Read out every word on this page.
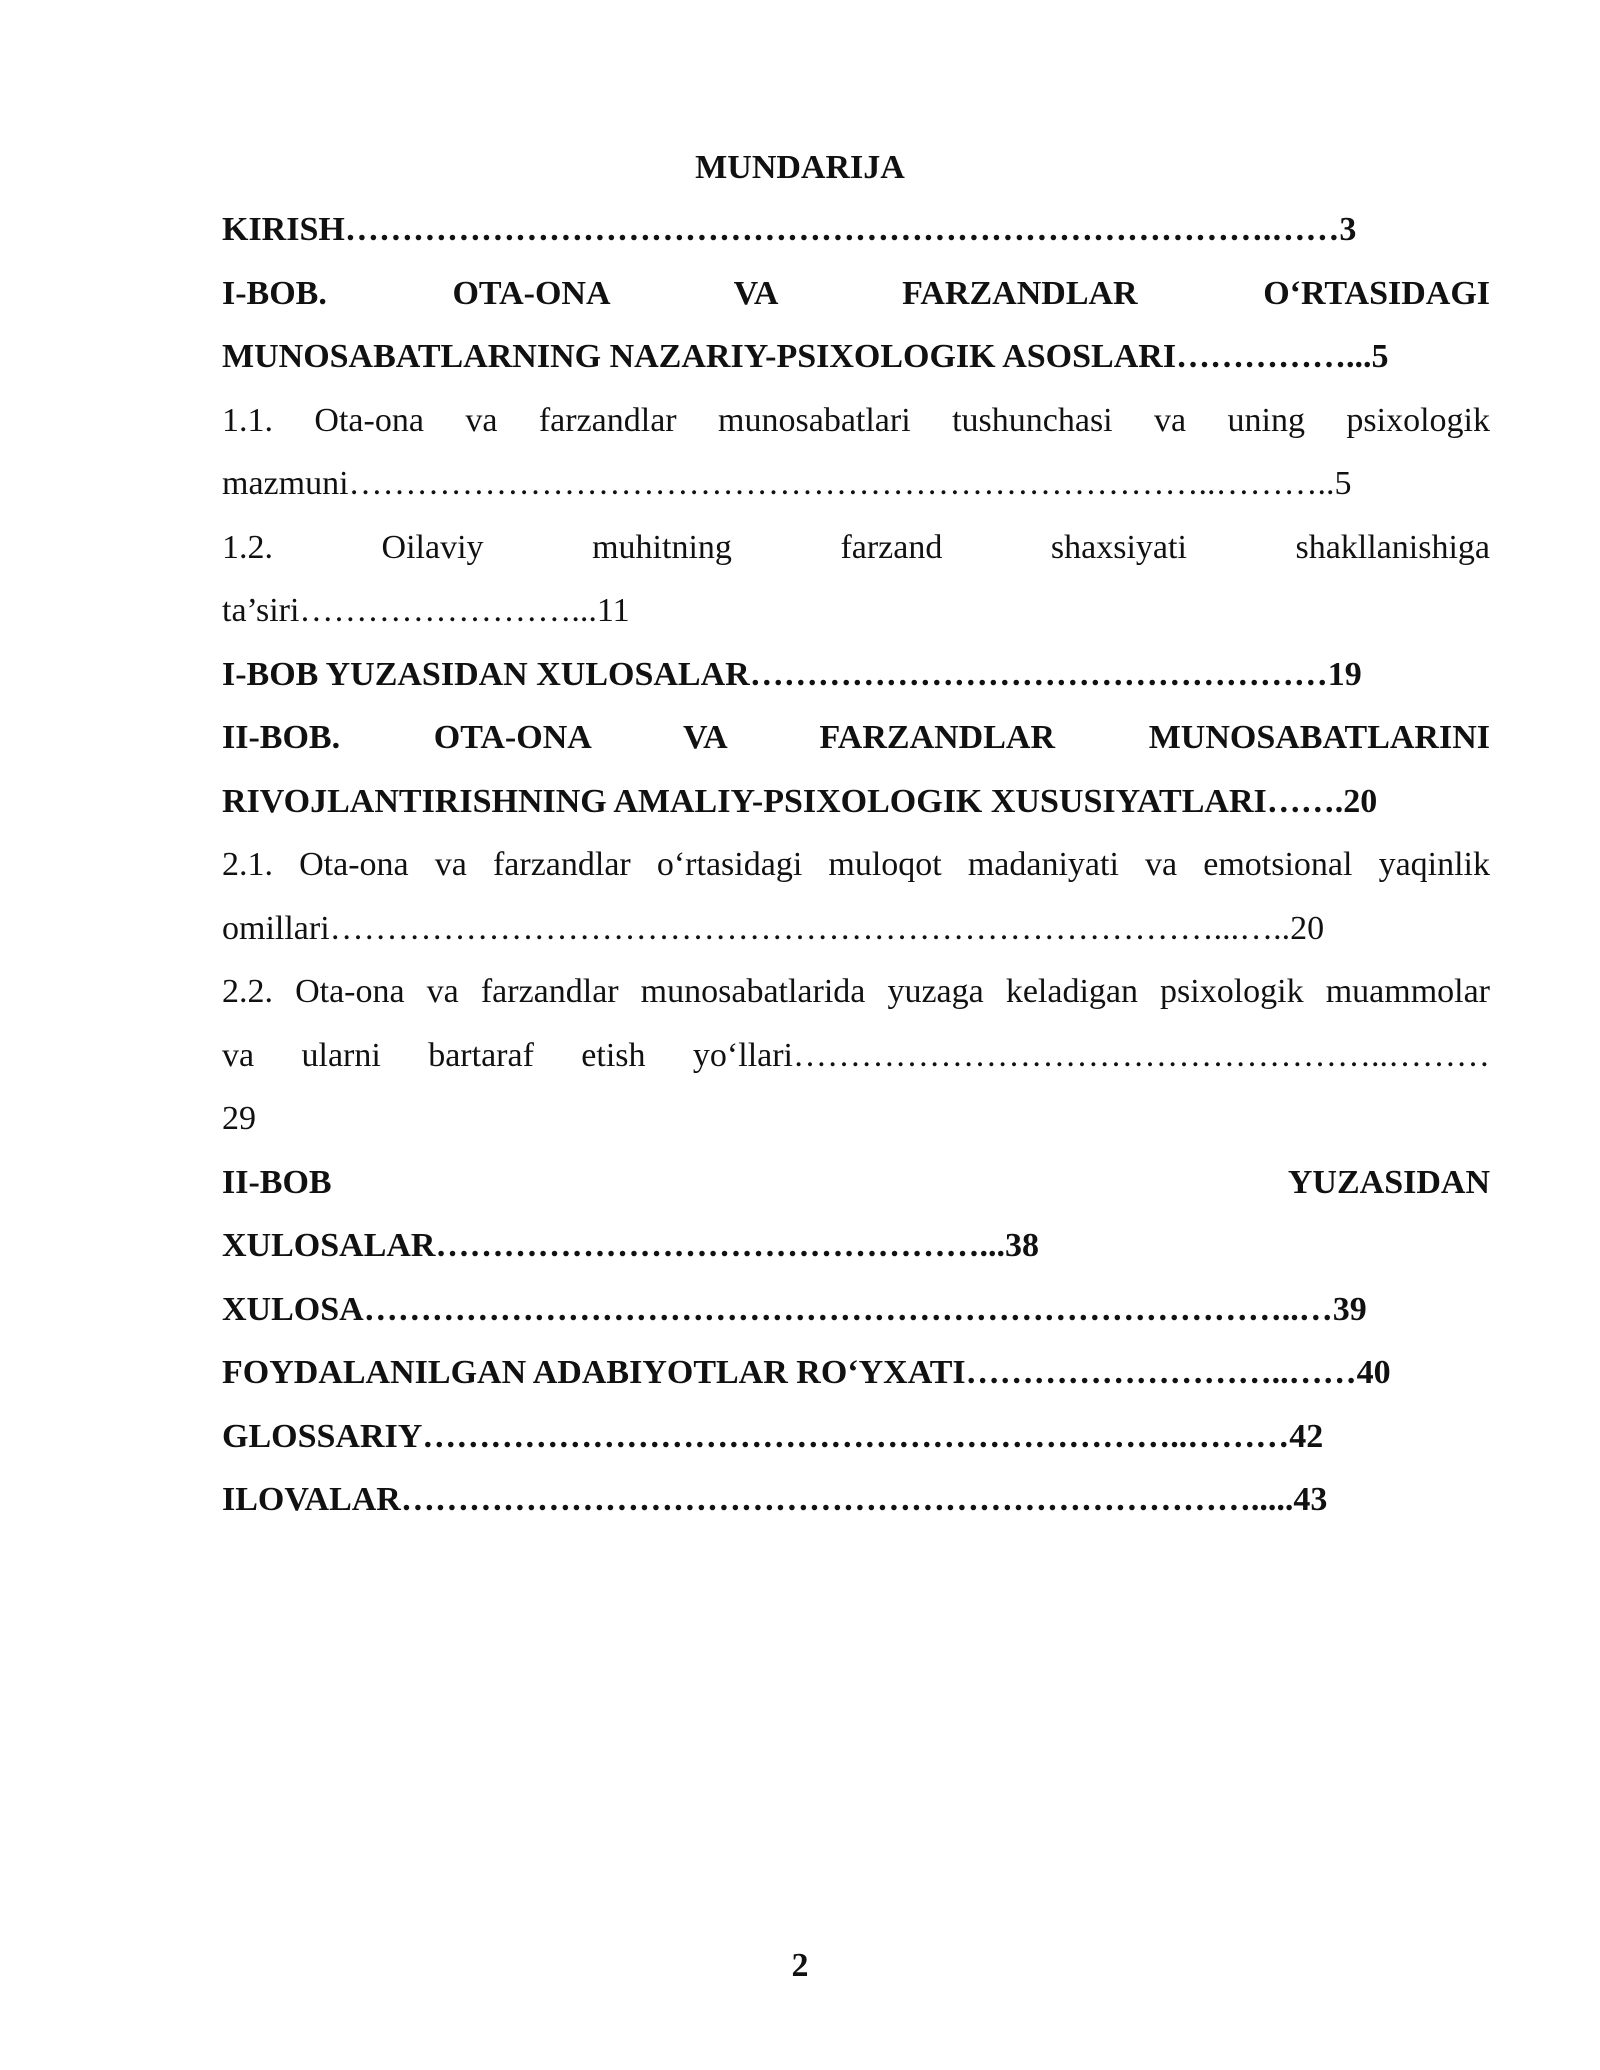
MUNDARIJA
KIRISH……………………………………………………………………….……3
I-BOB. OTA-ONA VA FARZANDLAR O‘RTASIDAGI
MUNOSABATLARNING NAZARIY-PSIXOLOGIK ASOSLARI……………...5
1.1. Ota-ona va farzandlar munosabatlari tushunchasi va uning psixologik
mazmuni…………………………………………………………………..………..5
1.2. Oilaviy muhitning farzand shaxsiyati shakllanishiga
ta’siri……………………...11
I-BOB YUZASIDAN XULOSALAR……………………………………………19
II-BOB. OTA-ONA VA FARZANDLAR MUNOSABATLARINI
RIVOJLANTIRISHNING AMALIY-PSIXOLOGIK XUSUSIYATLARI…….20
2.1. Ota-ona va farzandlar o‘rtasidagi muloqot madaniyati va emotsional yaqinlik
omillari……………………………………………………………………...…..20
2.2. Ota-ona va farzandlar munosabatlarida yuzaga keladigan psixologik muammolar
va ularni bartaraf etish yo‘llari……………………………………………..………
29
II-BOB YUZASIDAN
XULOSALAR…………………………………………...38
XULOSA………………………………………………………………………..…39
FOYDALANILGAN ADABIYOTLAR RO‘YXATI………………………..……40
GLOSSARIY…………………………………………………………..………42
ILOVALAR………………………………………………………………….....43
2
